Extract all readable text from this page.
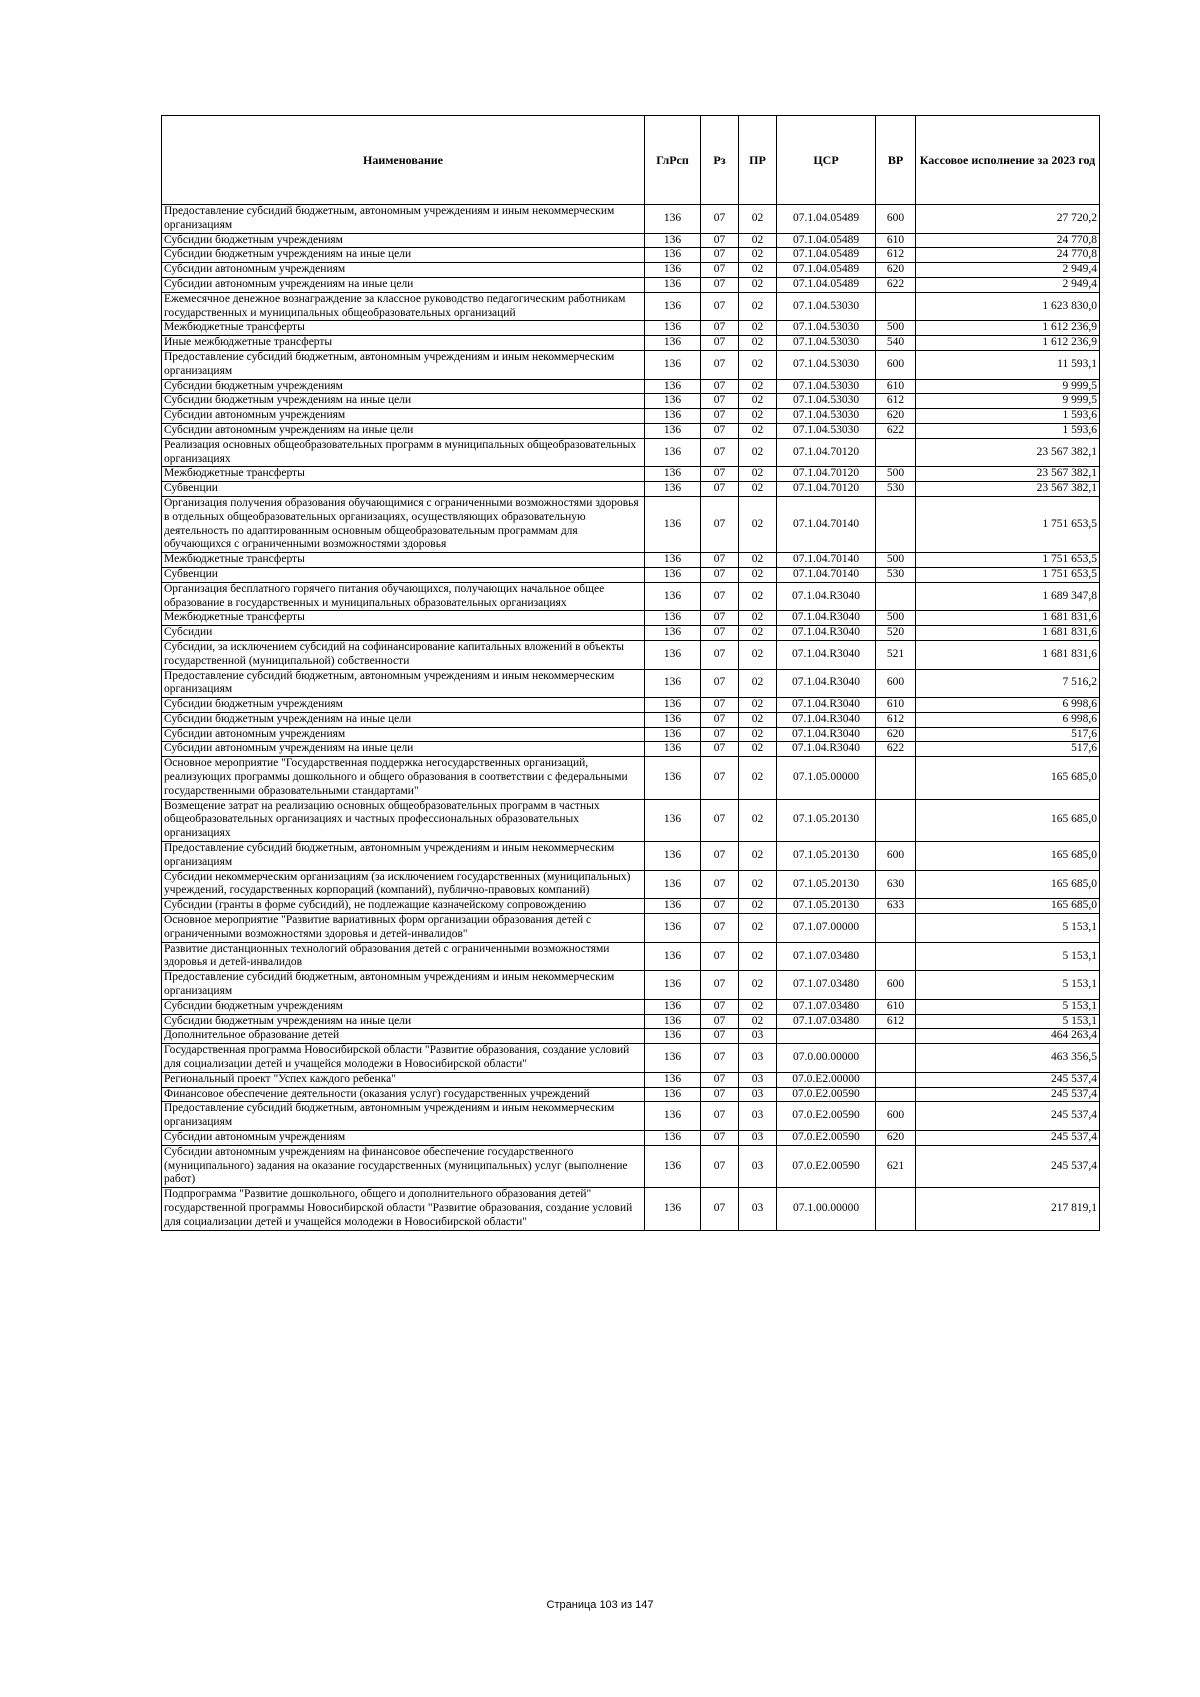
Наименование	ГлРсп	Рз	ПР	ЦСР	ВР	Кассовое исполнение за 2023 год
Предоставление субсидий бюджетным, автономным учреждениям и иным некоммерческим организациям	136	07	02	07.1.04.05489	600	27 720,2
Субсидии бюджетным учреждениям	136	07	02	07.1.04.05489	610	24 770,8
Субсидии бюджетным учреждениям на иные цели	136	07	02	07.1.04.05489	612	24 770,8
Субсидии автономным учреждениям	136	07	02	07.1.04.05489	620	2 949,4
Субсидии автономным учреждениям на иные цели	136	07	02	07.1.04.05489	622	2 949,4
Ежемесячное денежное вознаграждение за классное руководство педагогическим работникам государственных и муниципальных общеобразовательных организаций	136	07	02	07.1.04.53030		1 623 830,0
Межбюджетные трансферты	136	07	02	07.1.04.53030	500	1 612 236,9
Иные межбюджетные трансферты	136	07	02	07.1.04.53030	540	1 612 236,9
Предоставление субсидий бюджетным, автономным учреждениям и иным некоммерческим организациям	136	07	02	07.1.04.53030	600	11 593,1
Субсидии бюджетным учреждениям	136	07	02	07.1.04.53030	610	9 999,5
Субсидии бюджетным учреждениям на иные цели	136	07	02	07.1.04.53030	612	9 999,5
Субсидии автономным учреждениям	136	07	02	07.1.04.53030	620	1 593,6
Субсидии автономным учреждениям на иные цели	136	07	02	07.1.04.53030	622	1 593,6
Реализация основных общеобразовательных программ в муниципальных общеобразовательных организациях	136	07	02	07.1.04.70120		23 567 382,1
Межбюджетные трансферты	136	07	02	07.1.04.70120	500	23 567 382,1
Субвенции	136	07	02	07.1.04.70120	530	23 567 382,1
Организация получения образования обучающимися с ограниченными возможностями здоровья в отдельных общеобразовательных организациях, осуществляющих образовательную деятельность по адаптированным основным общеобразовательным программам для обучающихся с ограниченными возможностями здоровья	136	07	02	07.1.04.70140		1 751 653,5
Межбюджетные трансферты	136	07	02	07.1.04.70140	500	1 751 653,5
Субвенции	136	07	02	07.1.04.70140	530	1 751 653,5
Организация бесплатного горячего питания обучающихся, получающих начальное общее образование в государственных и муниципальных образовательных организациях	136	07	02	07.1.04.R3040		1 689 347,8
Межбюджетные трансферты	136	07	02	07.1.04.R3040	500	1 681 831,6
Субсидии	136	07	02	07.1.04.R3040	520	1 681 831,6
Субсидии, за исключением субсидий на софинансирование капитальных вложений в объекты государственной (муниципальной) собственности	136	07	02	07.1.04.R3040	521	1 681 831,6
Предоставление субсидий бюджетным, автономным учреждениям и иным некоммерческим организациям	136	07	02	07.1.04.R3040	600	7 516,2
Субсидии бюджетным учреждениям	136	07	02	07.1.04.R3040	610	6 998,6
Субсидии бюджетным учреждениям на иные цели	136	07	02	07.1.04.R3040	612	6 998,6
Субсидии автономным учреждениям	136	07	02	07.1.04.R3040	620	517,6
Субсидии автономным учреждениям на иные цели	136	07	02	07.1.04.R3040	622	517,6
Основное мероприятие "Государственная поддержка негосударственных организаций, реализующих программы дошкольного и общего образования в соответствии с федеральными государственными образовательными стандартами"	136	07	02	07.1.05.00000		165 685,0
Возмещение затрат на реализацию основных общеобразовательных программ в частных общеобразовательных организациях и частных профессиональных образовательных организациях	136	07	02	07.1.05.20130		165 685,0
Предоставление субсидий бюджетным, автономным учреждениям и иным некоммерческим организациям	136	07	02	07.1.05.20130	600	165 685,0
Субсидии некоммерческим организациям (за исключением государственных (муниципальных) учреждений, государственных корпораций (компаний), публично-правовых компаний)	136	07	02	07.1.05.20130	630	165 685,0
Субсидии (гранты в форме субсидий), не подлежащие казначейскому сопровождению	136	07	02	07.1.05.20130	633	165 685,0
Основное мероприятие "Развитие вариативных форм организации образования детей с ограниченными возможностями здоровья и детей-инвалидов"	136	07	02	07.1.07.00000		5 153,1
Развитие дистанционных технологий образования детей с ограниченными возможностями здоровья и детей-инвалидов	136	07	02	07.1.07.03480		5 153,1
Предоставление субсидий бюджетным, автономным учреждениям и иным некоммерческим организациям	136	07	02	07.1.07.03480	600	5 153,1
Субсидии бюджетным учреждениям	136	07	02	07.1.07.03480	610	5 153,1
Субсидии бюджетным учреждениям на иные цели	136	07	02	07.1.07.03480	612	5 153,1
Дополнительное образование детей	136	07	03			464 263,4
Государственная программа Новосибирской области "Развитие образования, создание условий для социализации детей и учащейся молодежи в Новосибирской области"	136	07	03	07.0.00.00000		463 356,5
Региональный проект "Успех каждого ребенка"	136	07	03	07.0.E2.00000		245 537,4
Финансовое обеспечение деятельности (оказания услуг) государственных учреждений	136	07	03	07.0.E2.00590		245 537,4
Предоставление субсидий бюджетным, автономным учреждениям и иным некоммерческим организациям	136	07	03	07.0.E2.00590	600	245 537,4
Субсидии автономным учреждениям	136	07	03	07.0.E2.00590	620	245 537,4
Субсидии автономным учреждениям на финансовое обеспечение государственного (муниципального) задания на оказание государственных (муниципальных) услуг (выполнение работ)	136	07	03	07.0.E2.00590	621	245 537,4
Подпрограмма "Развитие дошкольного, общего и дополнительного образования детей" государственной программы Новосибирской области "Развитие образования, создание условий для социализации детей и учащейся молодежи в Новосибирской области"	136	07	03	07.1.00.00000		217 819,1
Страница 103 из 147
